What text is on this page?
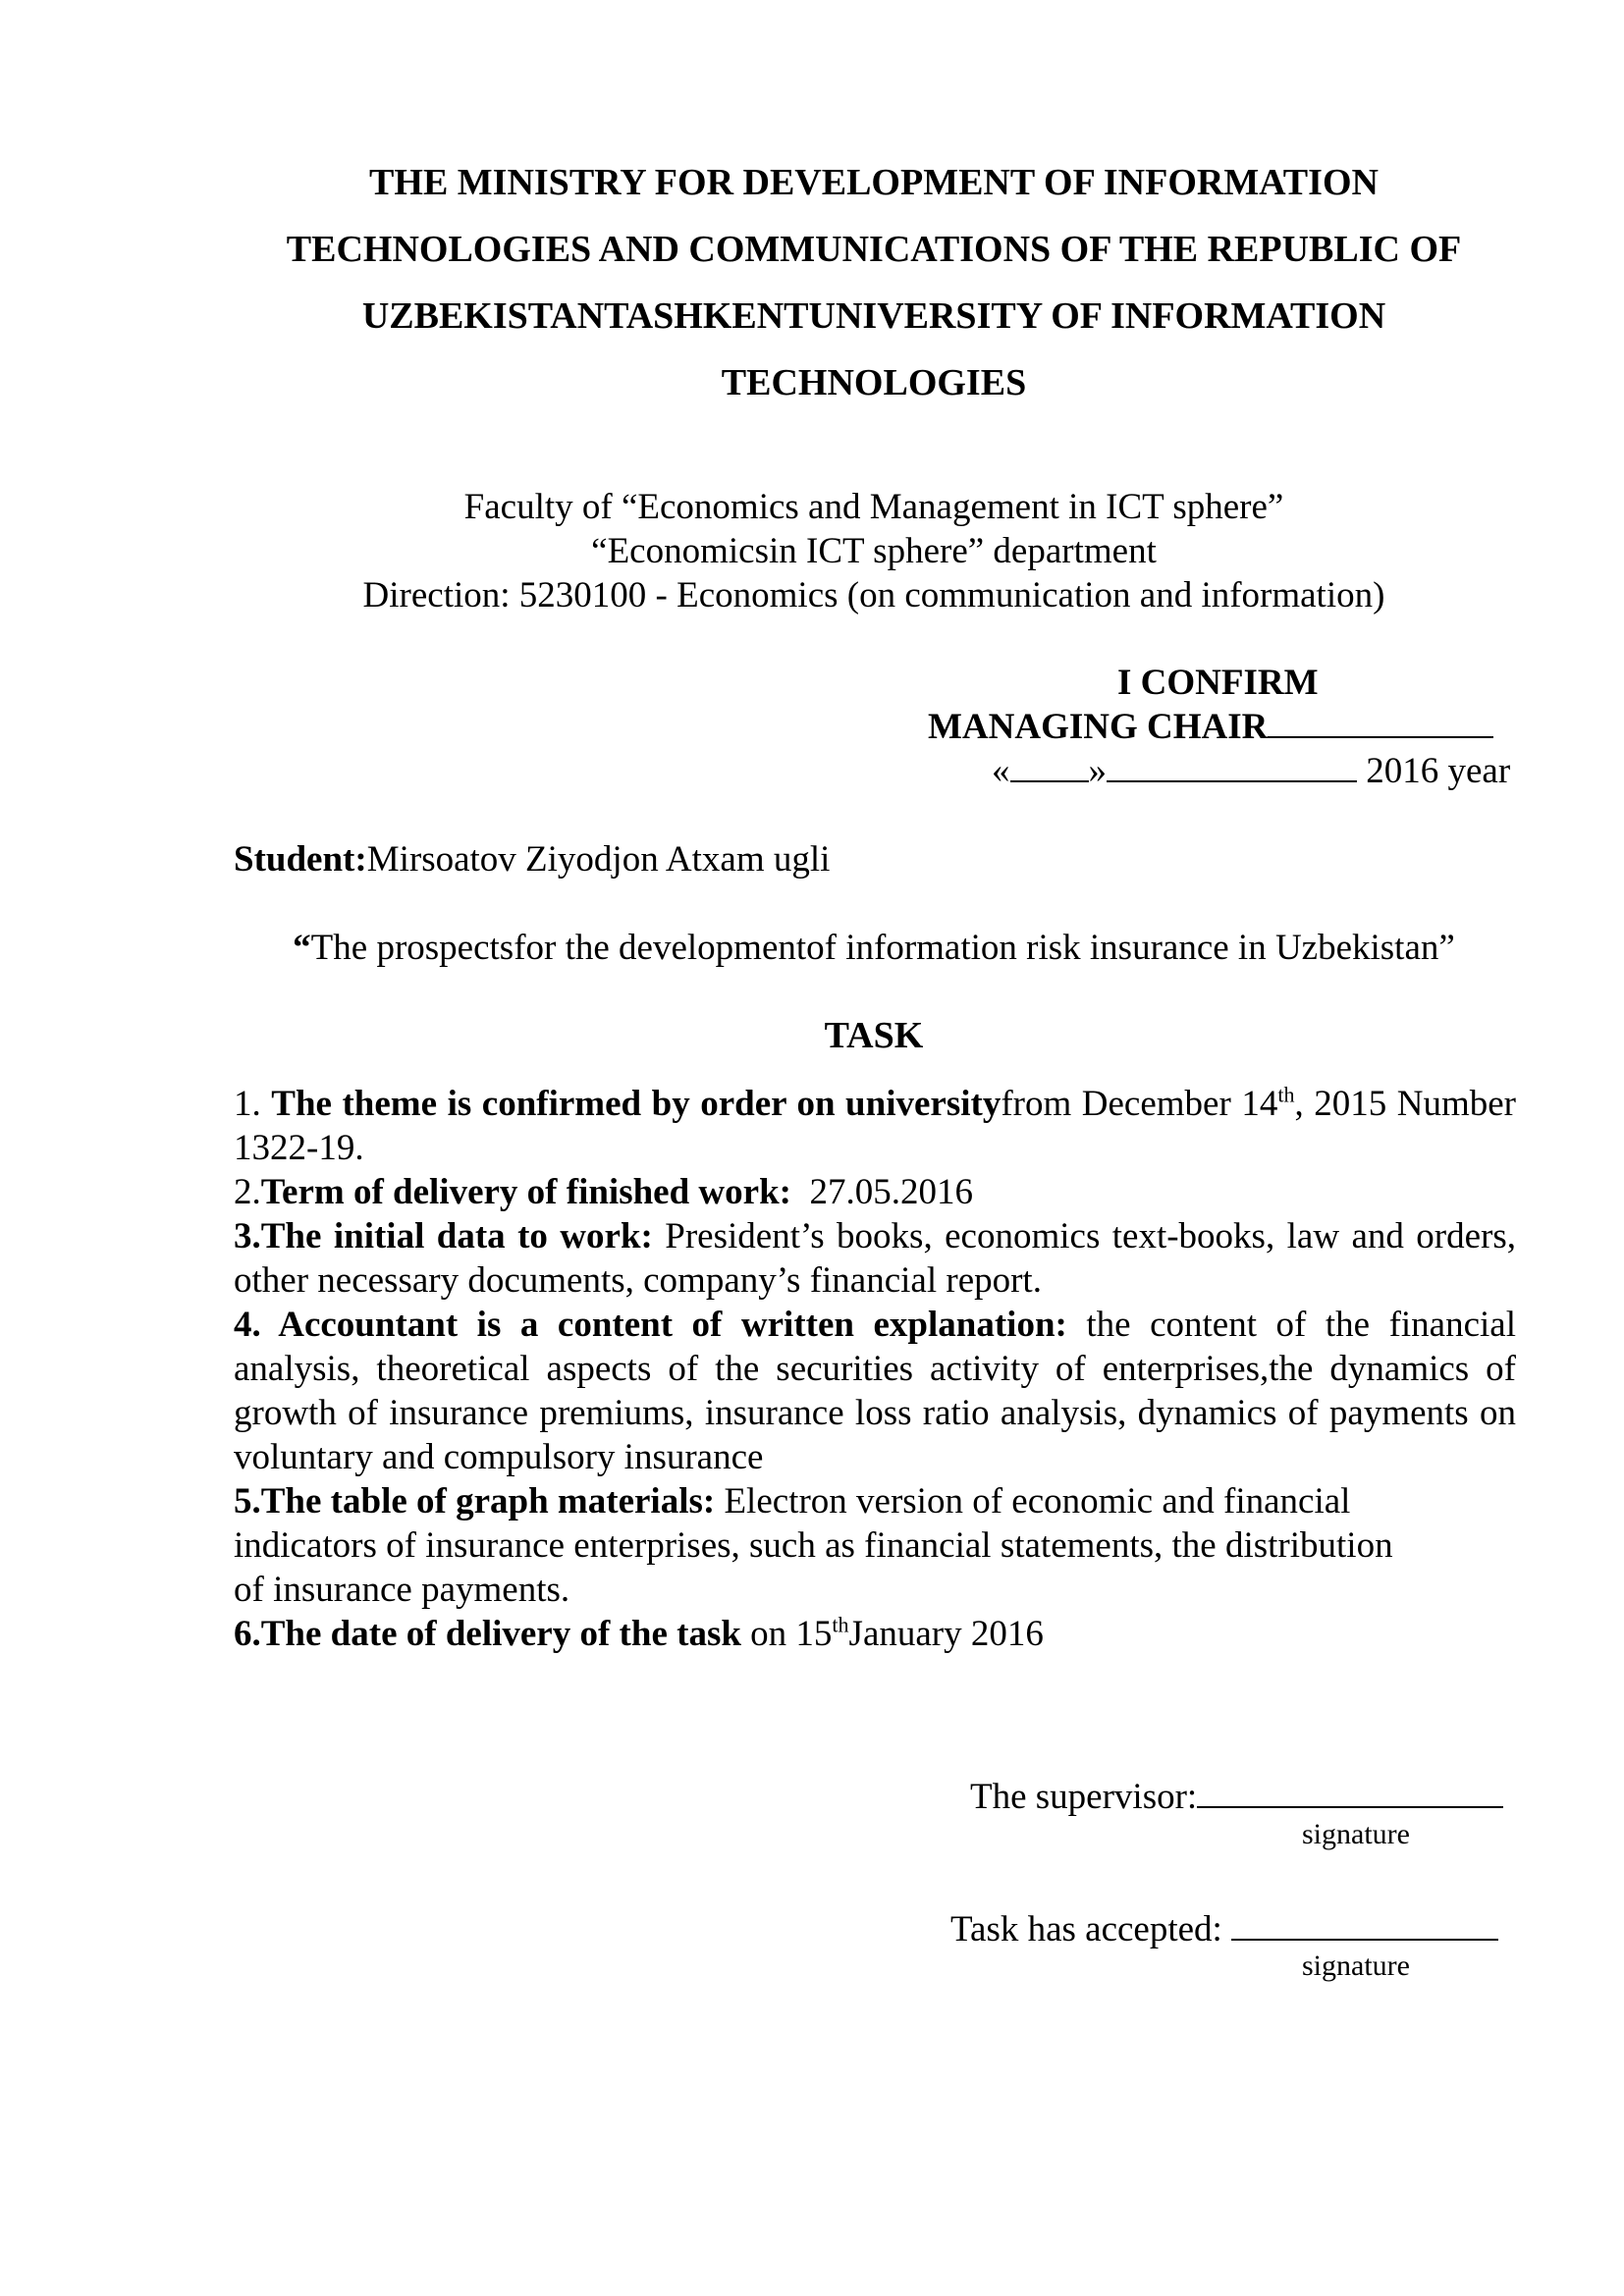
THE MINISTRY FOR DEVELOPMENT OF INFORMATION
TECHNOLOGIES AND COMMUNICATIONS OF THE REPUBLIC OF
UZBEKISTANTASHKENTUNIVERSITY OF INFORMATION
TECHNOLOGIES
Faculty of “Economics and Management in ICT sphere”
“Economicsin ICT sphere” department
Direction: 5230100 - Economics (on communication and information)
I CONFIRM
MANAGING CHAIR
« »	2016 year
Student:Mirsoatov Ziyodjon Atxam ugli
“The prospectsfor the developmentof information risk insurance in Uzbekistan”
TASK

1. The theme is confirmed by order on universityfrom December 14th, 2015 Number 1322-19.

2.Term of delivery of finished work:  27.05.2016

3.The initial data to work: President’s books, economics text-books, law and orders, other necessary documents, company’s financial report.

4. Accountant is a content of written explanation: the content of the financial analysis, theoretical aspects of the securities activity of enterprises,the dynamics of growth of insurance premiums, insurance loss ratio analysis, dynamics of payments on voluntary and compulsory insurance

5.The table of graph materials: Electron version of economic and financial
indicators of insurance enterprises, such as financial statements, the distribution
of insurance payments.

6.The date of delivery of the task on 15thJanuary 2016

The supervisor:
signature
Task has accepted:
signature
